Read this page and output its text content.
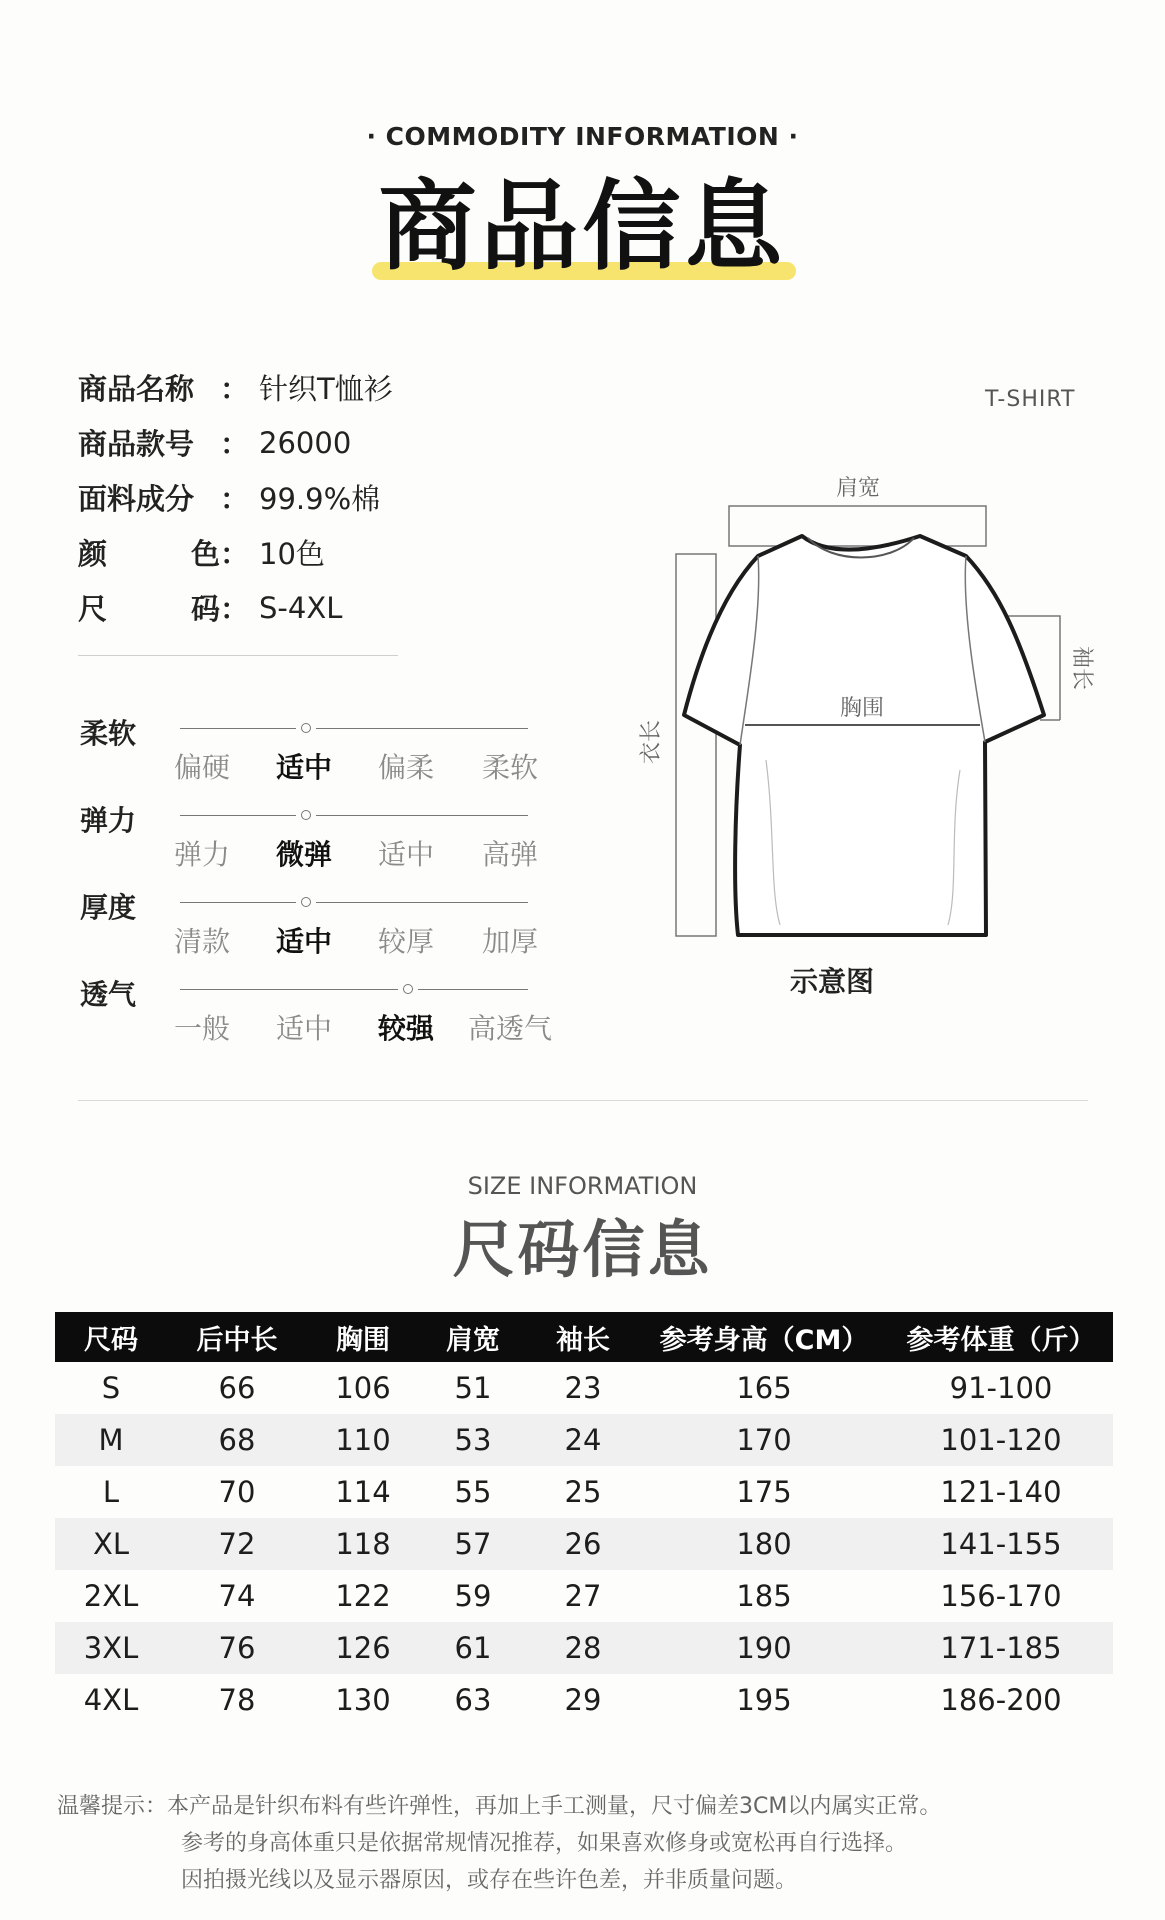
· COMMODITY INFORMATION ·
商品信息
商品名称 ： 针织T恤衫
商品款号 ： 26000
面料成分 ： 99.9%棉
颜	色 ： 10色
尺	码 ： S-4XL
柔软
偏硬	适中	偏柔	柔软
弹力
弹力	微弹	适中	高弹
厚度
清款	适中	较厚	加厚
透气
一般	适中	较强	高透气
T-SHIRT
肩宽
胸围
衣长
袖长
示意图
SIZE INFORMATION
尺码信息
尺码	后中长	胸围	肩宽	袖长	参考身高（CM）	参考体重（斤）
S	66	106	51	23	165	91-100
M	68	110	53	24	170	101-120
L	70	114	55	25	175	121-140
XL	72	118	57	26	180	141-155
2XL	74	122	59	27	185	156-170
3XL	76	126	61	28	190	171-185
4XL	78	130	63	29	195	186-200
温馨提示：本产品是针织布料有些许弹性，再加上手工测量，尺寸偏差3CM以内属实正常。
参考的身高体重只是依据常规情况推荐，如果喜欢修身或宽松再自行选择。
因拍摄光线以及显示器原因，或存在些许色差，并非质量问题。
